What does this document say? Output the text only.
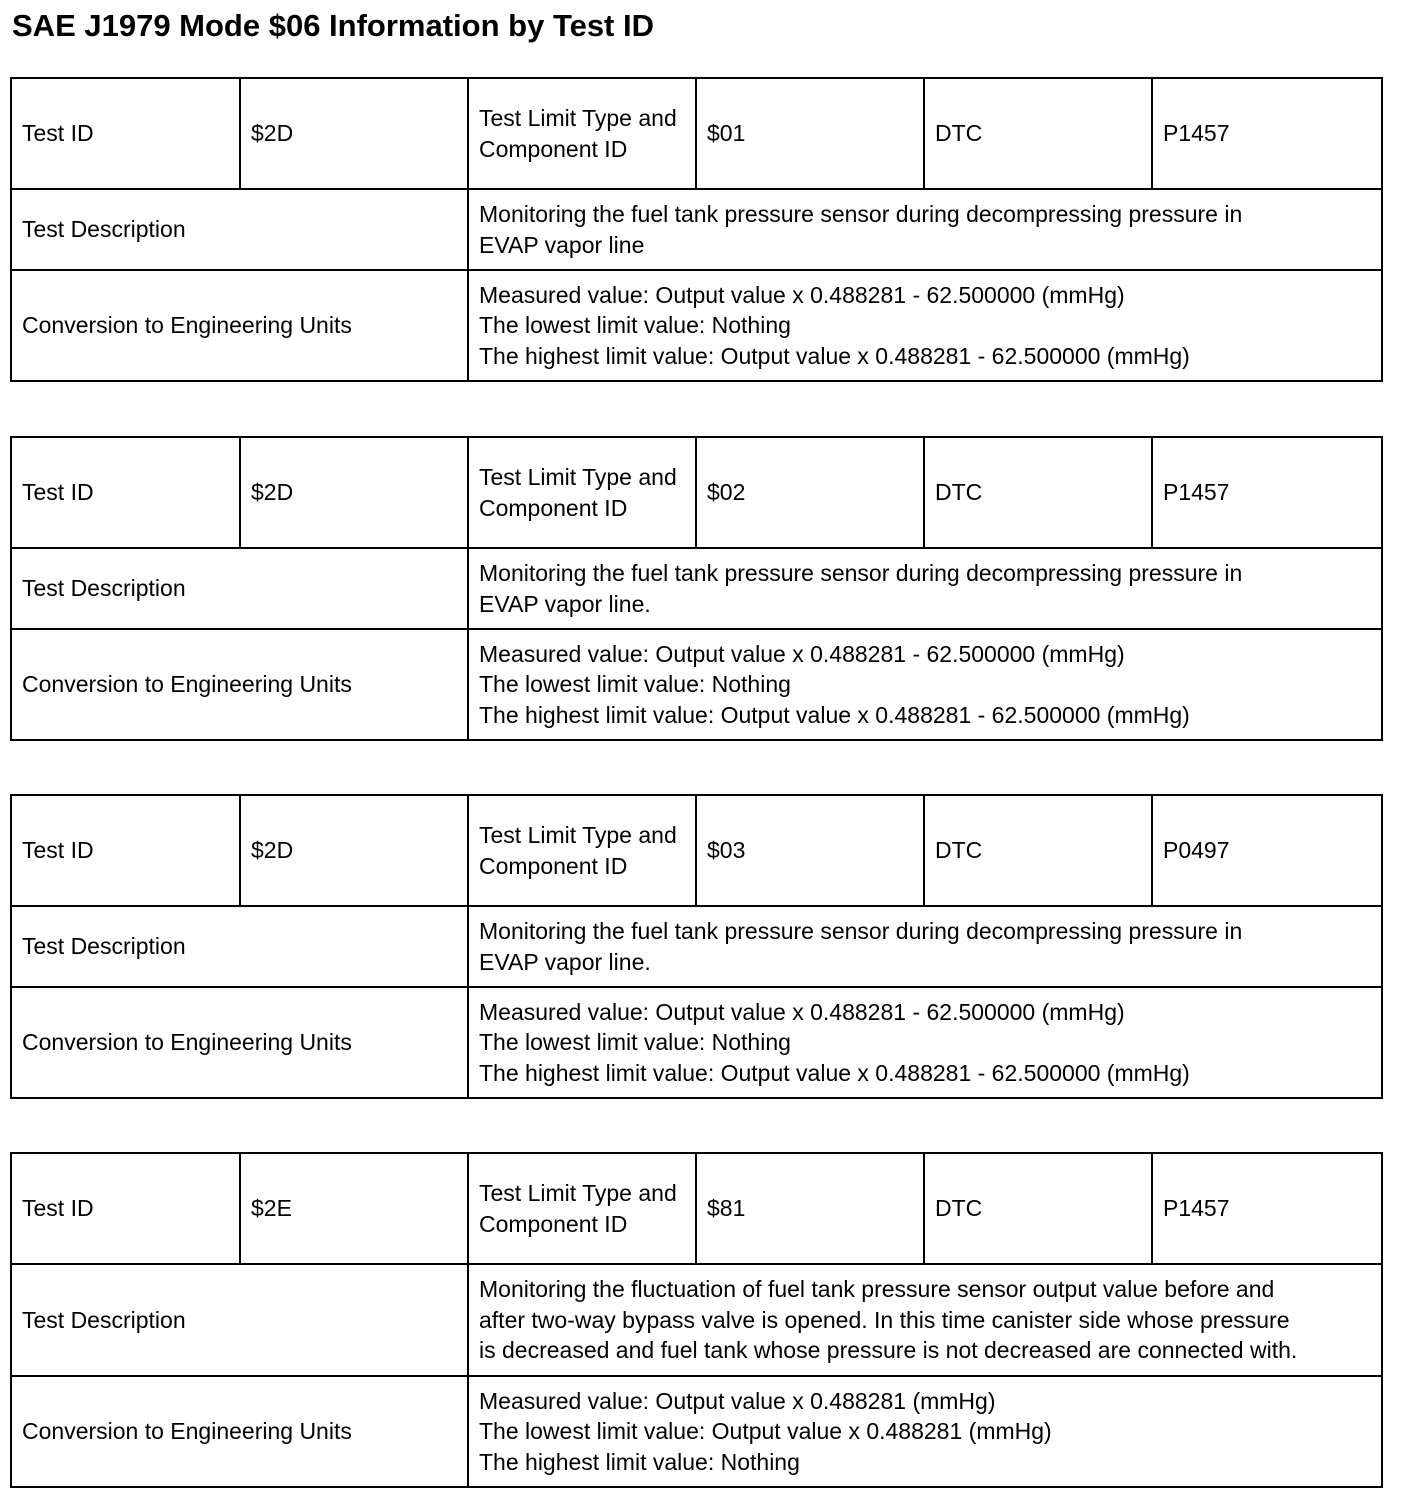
SAE J1979 Mode $06 Information by Test ID
Test ID	$2D	Test Limit Type and Component ID	$01	DTC	P1457
Test Description		Monitoring the fuel tank pressure sensor during decompressing pressure in
EVAP vapor line			

Conversion to Engineering Units		Measured value: Output value x 0.488281 - 62.500000 (mmHg)
The lowest limit value: Nothing
The highest limit value: Output value x 0.488281 - 62.500000 (mmHg)			
Test ID	$2D	Test Limit Type and Component ID	$02	DTC	P1457
Test Description		Monitoring the fuel tank pressure sensor during decompressing pressure in
EVAP vapor line.			

Conversion to Engineering Units		Measured value: Output value x 0.488281 - 62.500000 (mmHg)
The lowest limit value: Nothing
The highest limit value: Output value x 0.488281 - 62.500000 (mmHg)			
Test ID	$2D	Test Limit Type and Component ID	$03	DTC	P0497
Test Description		Monitoring the fuel tank pressure sensor during decompressing pressure in
EVAP vapor line.			

Conversion to Engineering Units		Measured value: Output value x 0.488281 - 62.500000 (mmHg)
The lowest limit value: Nothing
The highest limit value: Output value x 0.488281 - 62.500000 (mmHg)			
Test ID	$2E	Test Limit Type and Component ID	$81	DTC	P1457
Test Description		Monitoring the fluctuation of fuel tank pressure sensor output value before and
after two-way bypass valve is opened. In this time canister side whose pressure
is decreased and fuel tank whose pressure is not decreased are connected with.			

Conversion to Engineering Units		Measured value: Output value x 0.488281 (mmHg)
The lowest limit value: Output value x 0.488281 (mmHg)
The highest limit value: Nothing			
